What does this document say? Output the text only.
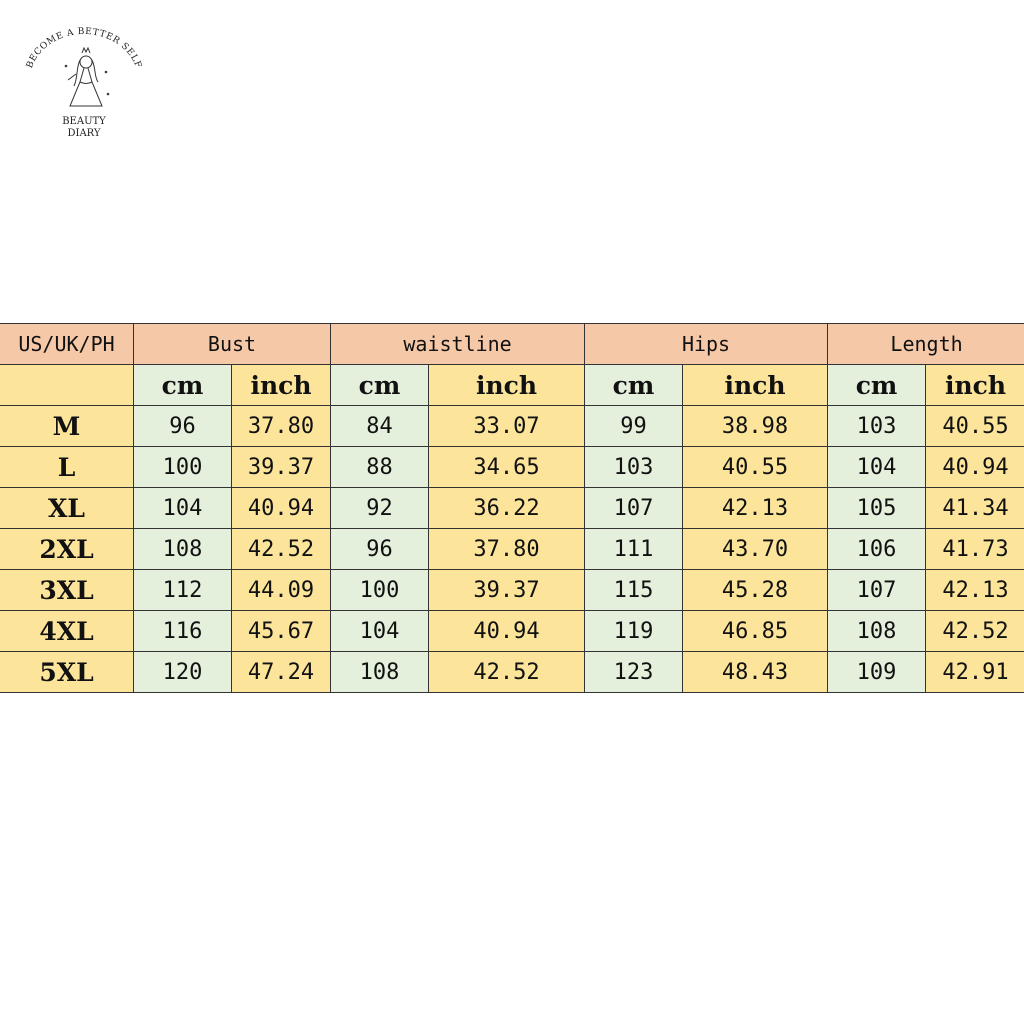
BECOME A BETTER SELF
BEAUTY
DIARY
US/UK/PH	Bust		waistline		Hips		Length	
	cm	inch	cm	inch	cm	inch	cm	inch
M	96	37.80	84	33.07	99	38.98	103	40.55
L	100	39.37	88	34.65	103	40.55	104	40.94
XL	104	40.94	92	36.22	107	42.13	105	41.34
2XL	108	42.52	96	37.80	111	43.70	106	41.73
3XL	112	44.09	100	39.37	115	45.28	107	42.13
4XL	116	45.67	104	40.94	119	46.85	108	42.52
5XL	120	47.24	108	42.52	123	48.43	109	42.91
